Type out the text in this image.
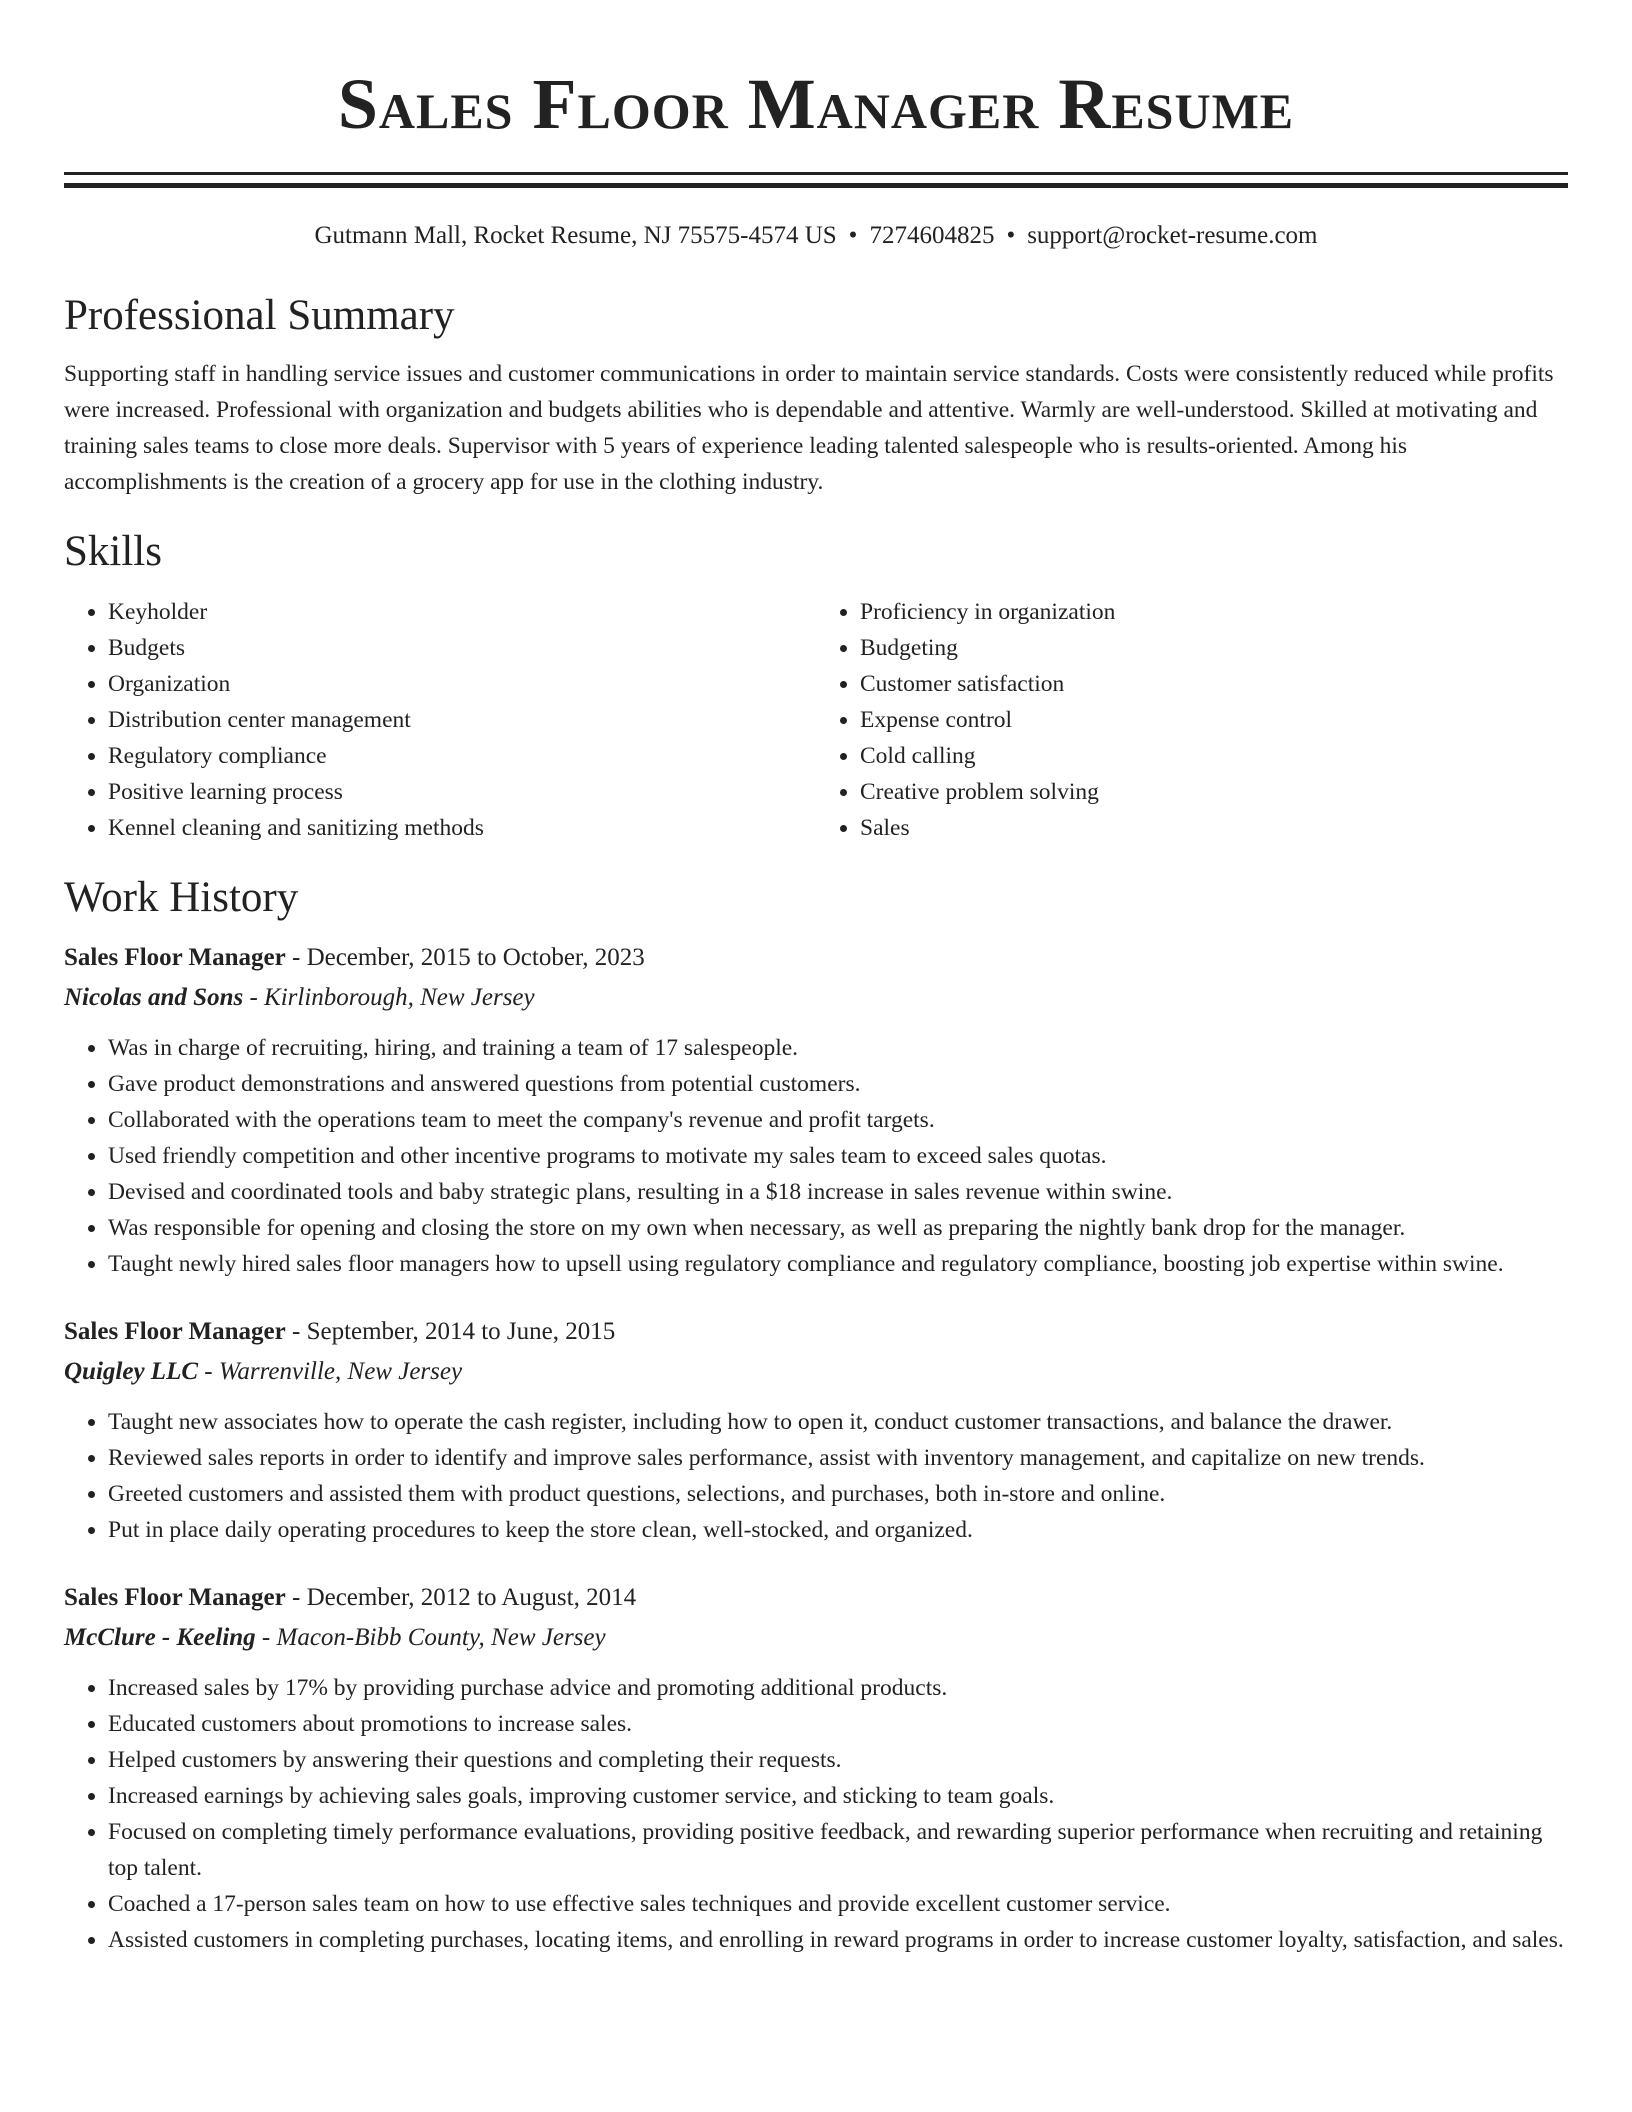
Sales Floor Manager Resume
Gutmann Mall, Rocket Resume, NJ 75575-4574 US • 7274604825 • support@rocket-resume.com
Professional Summary

Supporting staff in handling service issues and customer communications in order to maintain service standards. Costs were consistently reduced while profits were increased. Professional with organization and budgets abilities who is dependable and attentive. Warmly are well-understood. Skilled at motivating and training sales teams to close more deals. Supervisor with 5 years of experience leading talented salespeople who is results-oriented. Among his accomplishments is the creation of a grocery app for use in the clothing industry.

Skills
• Keyholder
• Budgets
• Organization
• Distribution center management
• Regulatory compliance
• Positive learning process
• Kennel cleaning and sanitizing methods
• Proficiency in organization
• Budgeting
• Customer satisfaction
• Expense control
• Cold calling
• Creative problem solving
• Sales
Work History
Sales Floor Manager - December, 2015 to October, 2023
Nicolas and Sons - Kirlinborough, New Jersey
• Was in charge of recruiting, hiring, and training a team of 17 salespeople.
• Gave product demonstrations and answered questions from potential customers.
• Collaborated with the operations team to meet the company's revenue and profit targets.
• Used friendly competition and other incentive programs to motivate my sales team to exceed sales quotas.
• Devised and coordinated tools and baby strategic plans, resulting in a $18 increase in sales revenue within swine.
• Was responsible for opening and closing the store on my own when necessary, as well as preparing the nightly bank drop for the manager.
• Taught newly hired sales floor managers how to upsell using regulatory compliance and regulatory compliance, boosting job expertise within swine.
Sales Floor Manager - September, 2014 to June, 2015
Quigley LLC - Warrenville, New Jersey
• Taught new associates how to operate the cash register, including how to open it, conduct customer transactions, and balance the drawer.
• Reviewed sales reports in order to identify and improve sales performance, assist with inventory management, and capitalize on new trends.
• Greeted customers and assisted them with product questions, selections, and purchases, both in-store and online.
• Put in place daily operating procedures to keep the store clean, well-stocked, and organized.
Sales Floor Manager - December, 2012 to August, 2014
McClure - Keeling - Macon-Bibb County, New Jersey
• Increased sales by 17% by providing purchase advice and promoting additional products.
• Educated customers about promotions to increase sales.
• Helped customers by answering their questions and completing their requests.
• Increased earnings by achieving sales goals, improving customer service, and sticking to team goals.
• Focused on completing timely performance evaluations, providing positive feedback, and rewarding superior performance when recruiting and retaining top talent.
• Coached a 17-person sales team on how to use effective sales techniques and provide excellent customer service.
• Assisted customers in completing purchases, locating items, and enrolling in reward programs in order to increase customer loyalty, satisfaction, and sales.
